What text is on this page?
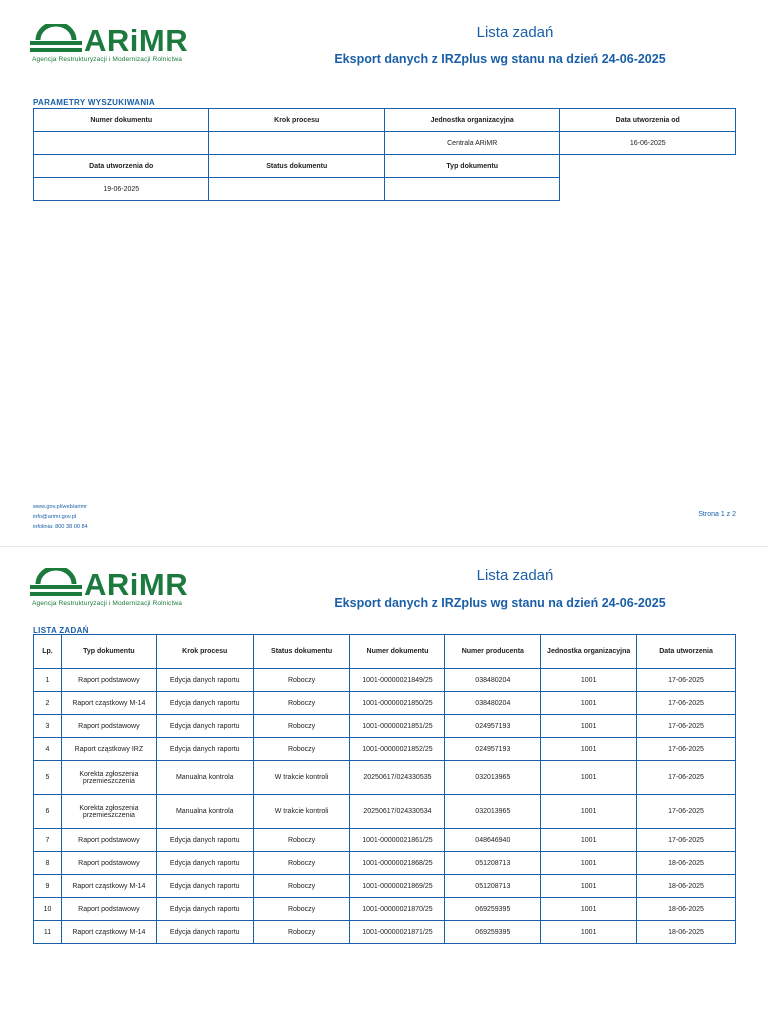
ARiMR
Agencja Restrukturyzacji i Modernizacji Rolnictwa
Lista zadań
Eksport danych z IRZplus wg stanu na dzień 24-06-2025
PARAMETRY WYSZUKIWANIA
Numer dokumentu	Krok procesu	Jednostka organizacyjna	Data utworzenia od
		Centrala ARiMR	16-06-2025
Data utworzenia do	Status dokumentu	Typ dokumentu	
19-06-2025			
www.gov.pl/web/arimr
info@arimr.gov.pl
infolinia: 800 38 00 84
Strona 1 z 2
ARiMR
Agencja Restrukturyzacji i Modernizacji Rolnictwa
Lista zadań
Eksport danych z IRZplus wg stanu na dzień 24-06-2025
LISTA ZADAŃ
Lp.	Typ dokumentu	Krok procesu	Status dokumentu	Numer dokumentu	Numer producenta	Jednostka organizacyjna	Data utworzenia
1	Raport podstawowy	Edycja danych raportu	Roboczy	1001-00000021849/25	038480204	1001	17-06-2025
2	Raport cząstkowy M-14	Edycja danych raportu	Roboczy	1001-00000021850/25	038480204	1001	17-06-2025
3	Raport podstawowy	Edycja danych raportu	Roboczy	1001-00000021851/25	024957193	1001	17-06-2025
4	Raport cząstkowy IRZ	Edycja danych raportu	Roboczy	1001-00000021852/25	024957193	1001	17-06-2025
5	Korekta zgłoszenia przemieszczenia	Manualna kontrola	W trakcie kontroli	20250617/024330535	032013965	1001	17-06-2025
6	Korekta zgłoszenia przemieszczenia	Manualna kontrola	W trakcie kontroli	20250617/024330534	032013965	1001	17-06-2025
7	Raport podstawowy	Edycja danych raportu	Roboczy	1001-00000021861/25	048646940	1001	17-06-2025
8	Raport podstawowy	Edycja danych raportu	Roboczy	1001-00000021868/25	051208713	1001	18-06-2025
9	Raport cząstkowy M-14	Edycja danych raportu	Roboczy	1001-00000021869/25	051208713	1001	18-06-2025
10	Raport podstawowy	Edycja danych raportu	Roboczy	1001-00000021870/25	069259395	1001	18-06-2025
11	Raport cząstkowy M-14	Edycja danych raportu	Roboczy	1001-00000021871/25	069259395	1001	18-06-2025
